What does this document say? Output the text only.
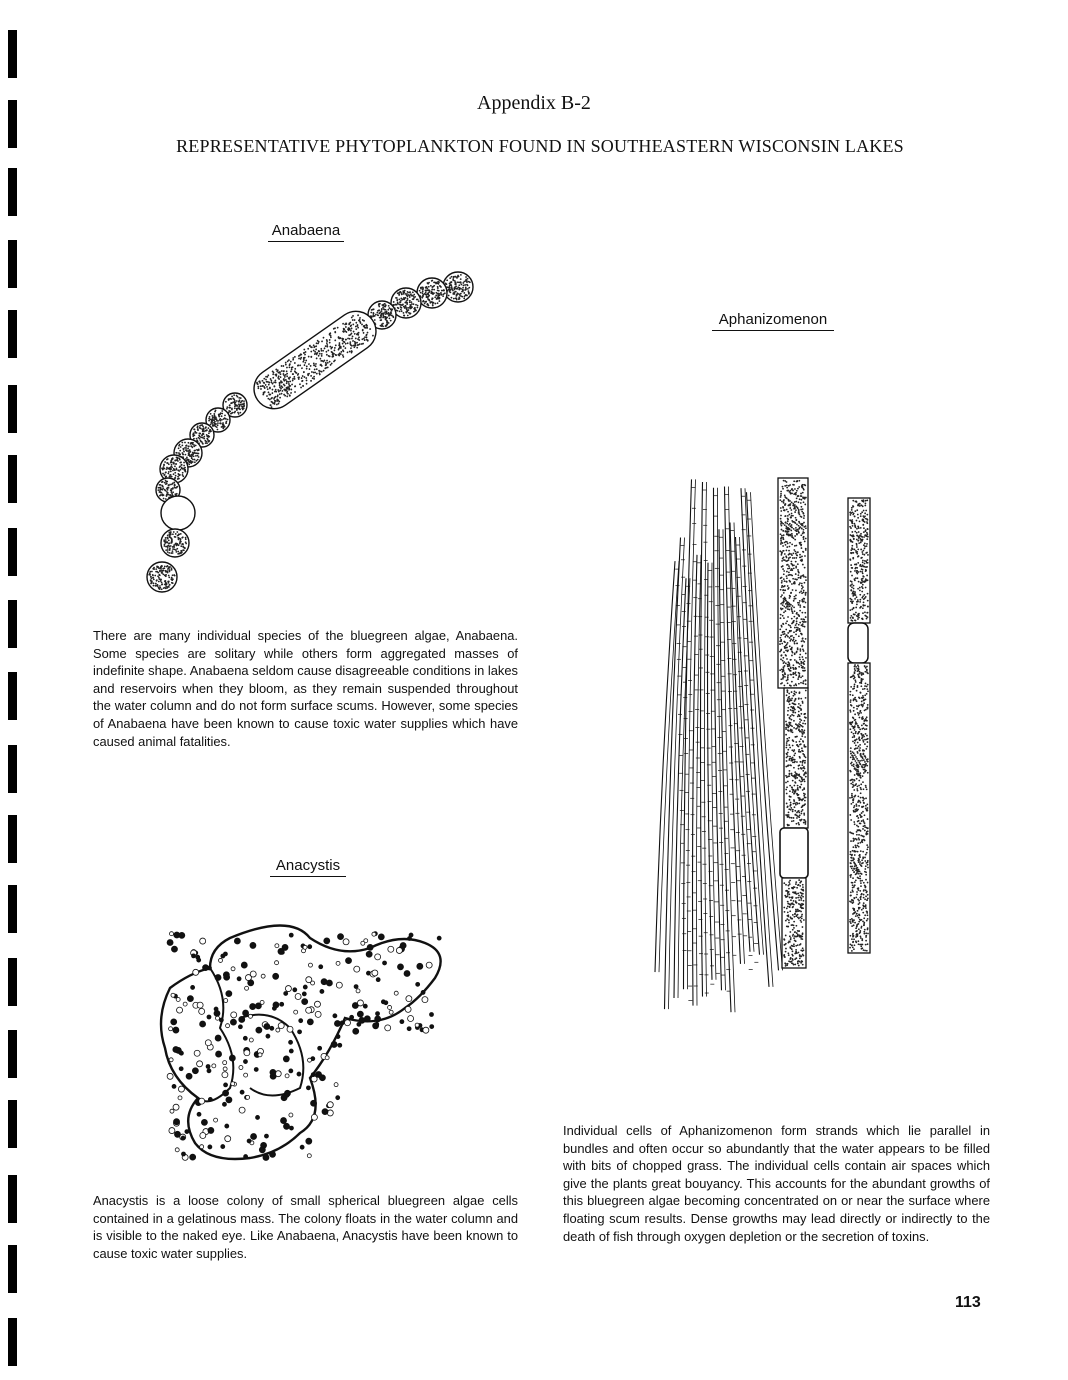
Appendix B-2
REPRESENTATIVE PHYTOPLANKTON FOUND IN SOUTHEASTERN WISCONSIN LAKES
Anabaena

There are many individual species of the bluegreen algae, Anabaena. Some species are solitary while others form aggregated masses of indefinite shape. Anabaena seldom cause disagreeable conditions in lakes and reservoirs when they bloom, as they remain suspended throughout the water column and do not form surface scums. However, some species of Anabaena have been known to cause toxic water supplies which have caused animal fatalities.

Aphanizomenon

Individual cells of Aphanizomenon form strands which lie parallel in bundles and often occur so abundantly that the water appears to be filled with bits of chopped grass. The individual cells contain air spaces which give the plants great bouyancy. This accounts for the abundant growths of this bluegreen algae becoming concentrated on or near the surface where floating scum results. Dense growths may lead directly or indirectly to the death of fish through oxygen depletion or the secretion of toxins.

Anacystis

Anacystis is a loose colony of small spherical bluegreen algae cells contained in a gelatinous mass. The colony floats in the water column and is visible to the naked eye. Like Anabaena, Anacystis have been known to cause toxic water supplies.

113
